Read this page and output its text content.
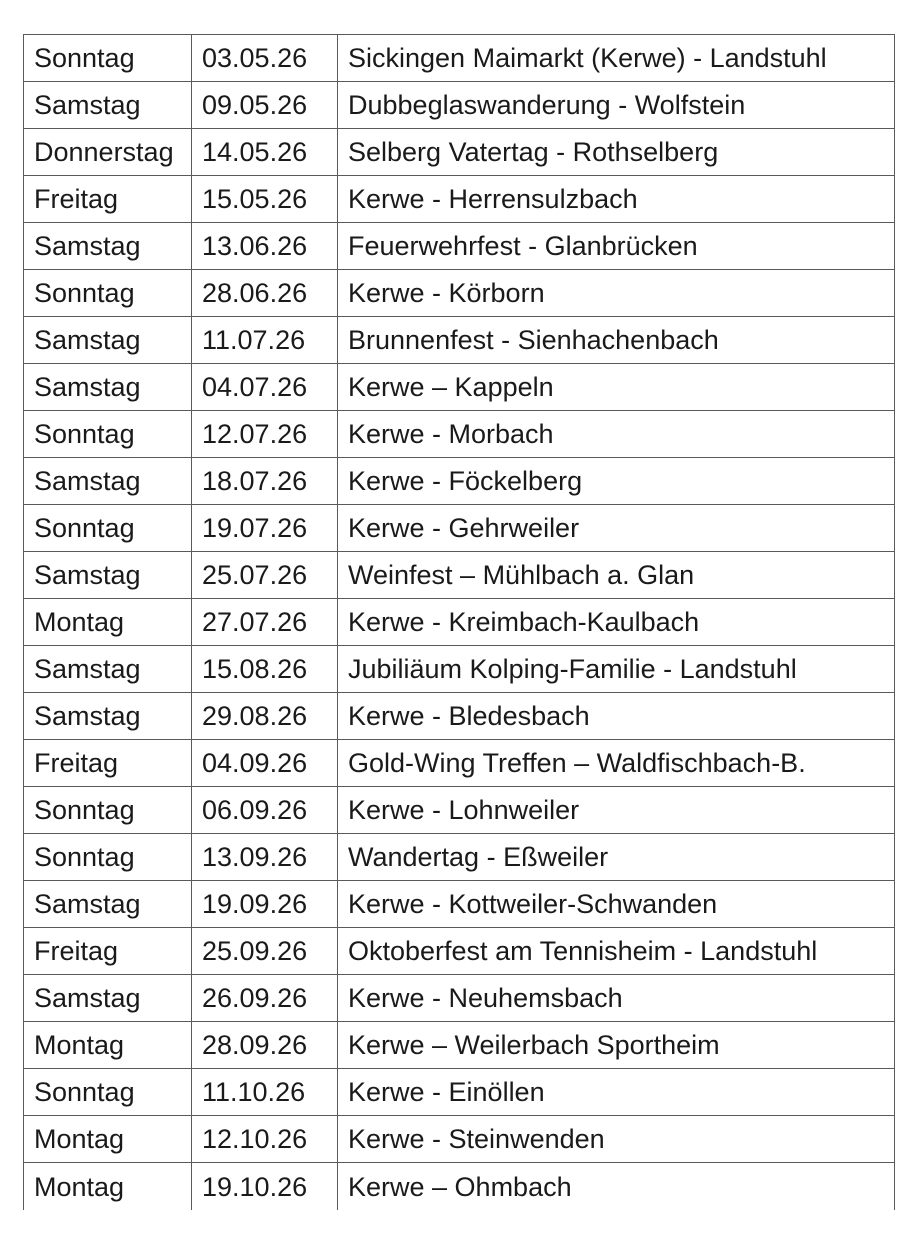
Sonntag	03.05.26	Sickingen Maimarkt (Kerwe) - Landstuhl
Samstag	09.05.26	Dubbeglaswanderung - Wolfstein
Donnerstag	14.05.26	Selberg Vatertag - Rothselberg
Freitag	15.05.26	Kerwe - Herrensulzbach
Samstag	13.06.26	Feuerwehrfest - Glanbrücken
Sonntag	28.06.26	Kerwe - Körborn
Samstag	11.07.26	Brunnenfest - Sienhachenbach
Samstag	04.07.26	Kerwe – Kappeln
Sonntag	12.07.26	Kerwe - Morbach
Samstag	18.07.26	Kerwe - Föckelberg
Sonntag	19.07.26	Kerwe - Gehrweiler
Samstag	25.07.26	Weinfest – Mühlbach a. Glan
Montag	27.07.26	Kerwe - Kreimbach-Kaulbach
Samstag	15.08.26	Jubiliäum Kolping-Familie - Landstuhl
Samstag	29.08.26	Kerwe - Bledesbach
Freitag	04.09.26	Gold-Wing Treffen – Waldfischbach-B.
Sonntag	06.09.26	Kerwe - Lohnweiler
Sonntag	13.09.26	Wandertag - Eßweiler
Samstag	19.09.26	Kerwe - Kottweiler-Schwanden
Freitag	25.09.26	Oktoberfest am Tennisheim - Landstuhl
Samstag	26.09.26	Kerwe - Neuhemsbach
Montag	28.09.26	Kerwe – Weilerbach Sportheim
Sonntag	11.10.26	Kerwe - Einöllen
Montag	12.10.26	Kerwe - Steinwenden
Montag	19.10.26	Kerwe – Ohmbach
